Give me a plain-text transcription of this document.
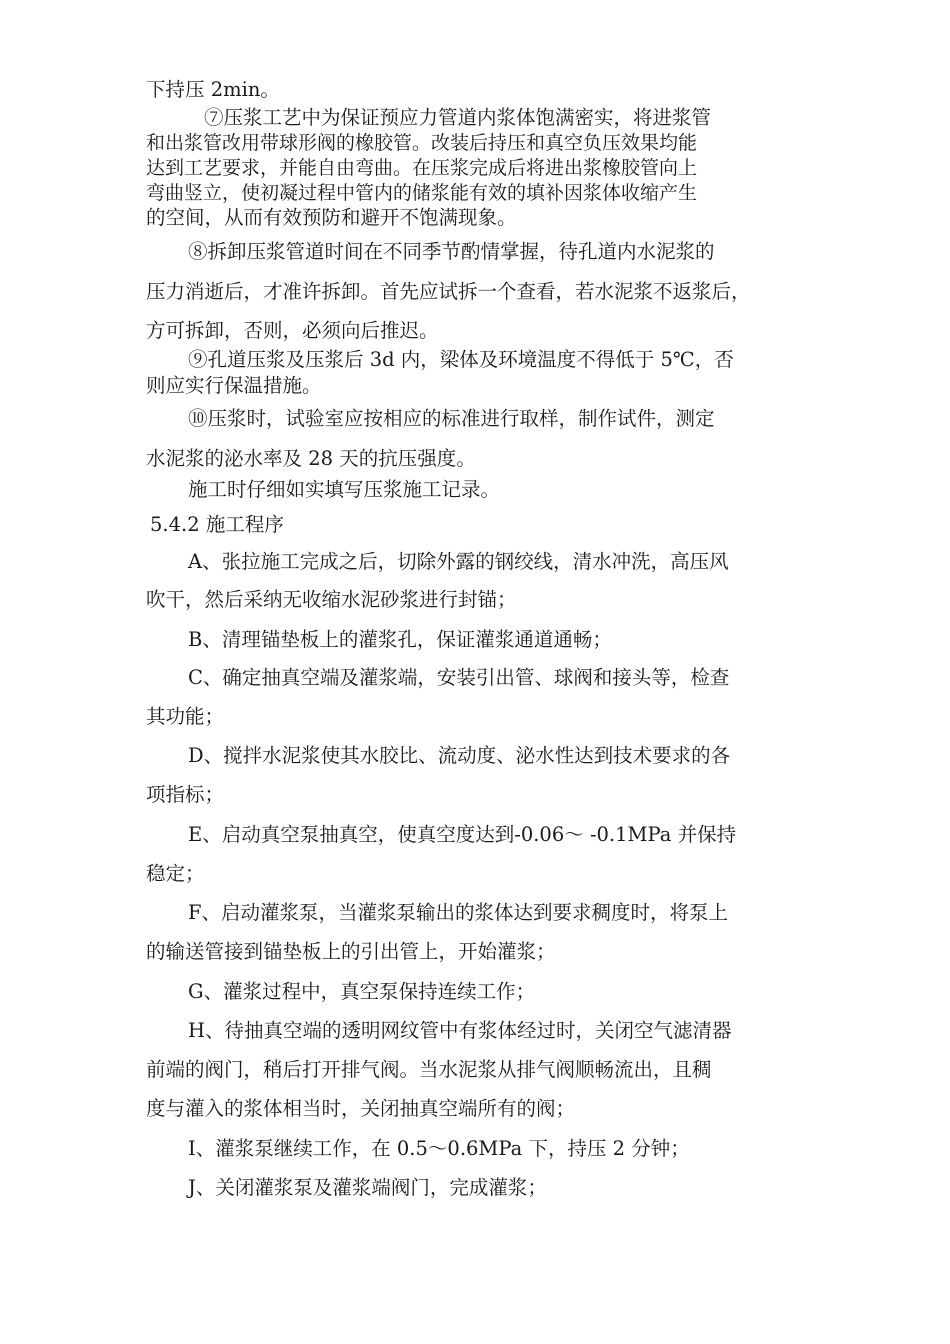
下持压 2min。
⑦压浆工艺中为保证预应力管道内浆体饱满密实，将进浆管
和出浆管改用带球形阀的橡胶管。改装后持压和真空负压效果均能
达到工艺要求，并能自由弯曲。在压浆完成后将进出浆橡胶管向上
弯曲竖立，使初凝过程中管内的储浆能有效的填补因浆体收缩产生
的空间，从而有效预防和避开不饱满现象。
⑧拆卸压浆管道时间在不同季节酌情掌握，待孔道内水泥浆的
压力消逝后，才准许拆卸。首先应试拆一个查看，若水泥浆不返浆后，
方可拆卸，否则，必须向后推迟。
⑨孔道压浆及压浆后 3d 内，梁体及环境温度不得低于 5℃，否
则应实行保温措施。
⑩压浆时，试验室应按相应的标准进行取样，制作试件，测定
水泥浆的泌水率及 28 天的抗压强度。
施工时仔细如实填写压浆施工记录。
5.4.2 施工程序
A、张拉施工完成之后，切除外露的钢绞线，清水冲洗，高压风
吹干，然后采纳无收缩水泥砂浆进行封锚；
B、清理锚垫板上的灌浆孔，保证灌浆通道通畅；
C、确定抽真空端及灌浆端，安装引出管、球阀和接头等，检查
其功能；
D、搅拌水泥浆使其水胶比、流动度、泌水性达到技术要求的各
项指标；
E、启动真空泵抽真空，使真空度达到-0.06～ -0.1MPa 并保持
稳定；
F、启动灌浆泵，当灌浆泵输出的浆体达到要求稠度时，将泵上
的输送管接到锚垫板上的引出管上，开始灌浆；
G、灌浆过程中，真空泵保持连续工作；
H、待抽真空端的透明网纹管中有浆体经过时，关闭空气滤清器
前端的阀门，稍后打开排气阀。当水泥浆从排气阀顺畅流出，且稠
度与灌入的浆体相当时，关闭抽真空端所有的阀；
I、灌浆泵继续工作，在 0.5～0.6MPa 下，持压 2 分钟；
J、关闭灌浆泵及灌浆端阀门，完成灌浆；
